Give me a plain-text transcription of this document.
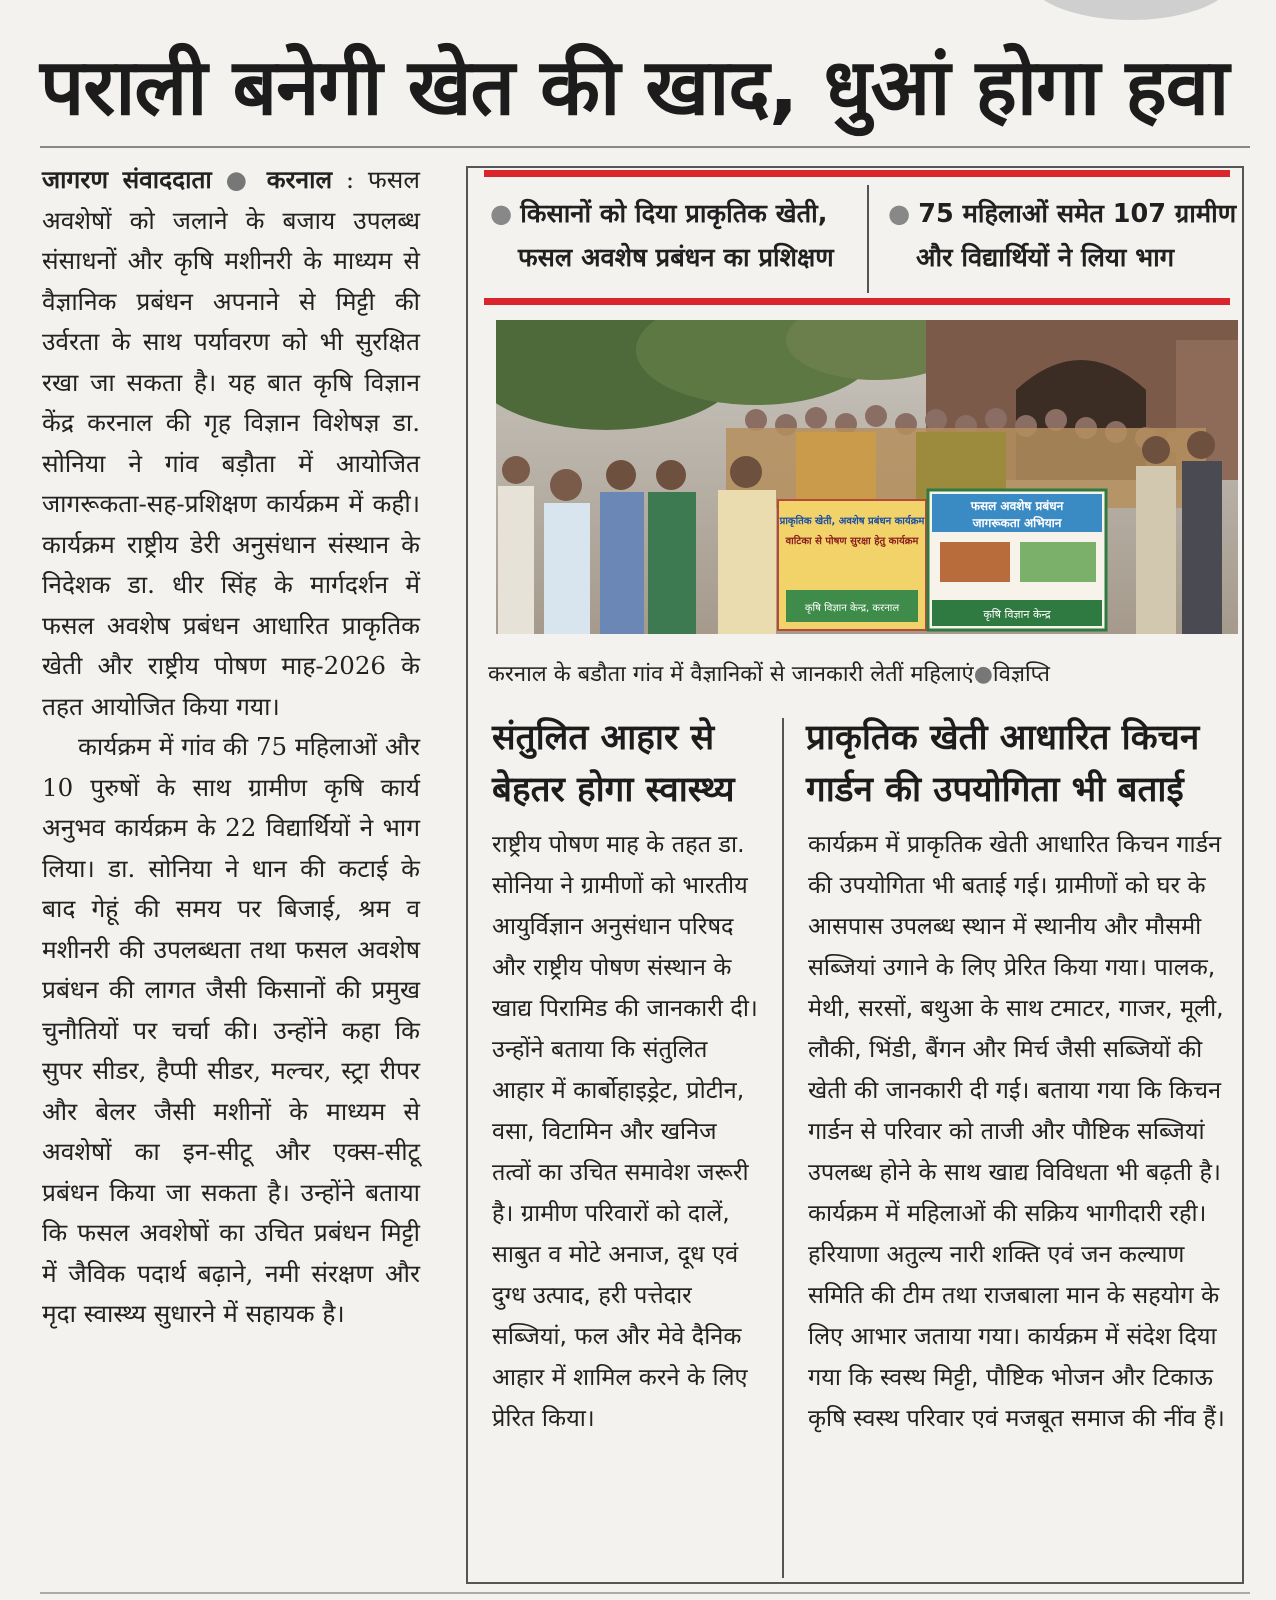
पराली बनेगी खेत की खाद, धुआं होगा हवा

जागरण संवाददाता ● करनाल : फसल अवशेषों को जलाने के बजाय उपलब्ध संसाधनों और कृषि मशीनरी के माध्यम से वैज्ञानिक प्रबंधन अपनाने से मिट्टी की उर्वरता के साथ पर्यावरण को भी सुरक्षित रखा जा सकता है। यह बात कृषि विज्ञान केंद्र करनाल की गृह विज्ञान विशेषज्ञ डा. सोनिया ने गांव बड़ौता में आयोजित जागरूकता-सह-प्रशिक्षण कार्यक्रम में कही। कार्यक्रम राष्ट्रीय डेरी अनुसंधान संस्थान के निदेशक डा. धीर सिंह के मार्गदर्शन में फसल अवशेष प्रबंधन आधारित प्राकृतिक खेती और राष्ट्रीय पोषण माह-2026 के तहत आयोजित किया गया।

कार्यक्रम में गांव की 75 महिलाओं और 10 पुरुषों के साथ ग्रामीण कृषि कार्य अनुभव कार्यक्रम के 22 विद्यार्थियों ने भाग लिया। डा. सोनिया ने धान की कटाई के बाद गेहूं की समय पर बिजाई, श्रम व मशीनरी की उपलब्धता तथा फसल अवशेष प्रबंधन की लागत जैसी किसानों की प्रमुख चुनौतियों पर चर्चा की। उन्होंने कहा कि सुपर सीडर, हैप्पी सीडर, मल्चर, स्ट्रा रीपर और बेलर जैसी मशीनों के माध्यम से अवशेषों का इन-सीटू और एक्स-सीटू प्रबंधन किया जा सकता है। उन्होंने बताया कि फसल अवशेषों का उचित प्रबंधन मिट्टी में जैविक पदार्थ बढ़ाने, नमी संरक्षण और मृदा स्वास्थ्य सुधारने में सहायक है।

● किसानों को दिया प्राकृतिक खेती,
फसल अवशेष प्रबंधन का प्रशिक्षण
● 75 महिलाओं समेत 107 ग्रामीण
और विद्यार्थियों ने लिया भाग
प्राकृतिक खेती, अवशेष प्रबंधन कार्यक्रम
वाटिका से पोषण सुरक्षा हेतु कार्यक्रम
कृषि विज्ञान केन्द्र, करनाल
फसल अवशेष प्रबंधन
जागरूकता अभियान
कृषि विज्ञान केन्द्र
करनाल के बडौता गांव में वैज्ञानिकों से जानकारी लेतीं महिलाएं●विज्ञप्ति
संतुलित आहार से
बेहतर होगा स्वास्थ्य
प्राकृतिक खेती आधारित किचन
गार्डन की उपयोगिता भी बताई

राष्ट्रीय पोषण माह के तहत डा. सोनिया ने ग्रामीणों को भारतीय आयुर्विज्ञान अनुसंधान परिषद और राष्ट्रीय पोषण संस्थान के खाद्य पिरामिड की जानकारी दी। उन्होंने बताया कि संतुलित आहार में कार्बोहाइड्रेट, प्रोटीन, वसा, विटामिन और खनिज तत्वों का उचित समावेश जरूरी है। ग्रामीण परिवारों को दालें, साबुत व मोटे अनाज, दूध एवं दुग्ध उत्पाद, हरी पत्तेदार सब्जियां, फल और मेवे दैनिक आहार में शामिल करने के लिए प्रेरित किया।

कार्यक्रम में प्राकृतिक खेती आधारित किचन गार्डन की उपयोगिता भी बताई गई। ग्रामीणों को घर के आसपास उपलब्ध स्थान में स्थानीय और मौसमी सब्जियां उगाने के लिए प्रेरित किया गया। पालक, मेथी, सरसों, बथुआ के साथ टमाटर, गाजर, मूली, लौकी, भिंडी, बैंगन और मिर्च जैसी सब्जियों की खेती की जानकारी दी गई। बताया गया कि किचन गार्डन से परिवार को ताजी और पौष्टिक सब्जियां उपलब्ध होने के साथ खाद्य विविधता भी बढ़ती है। कार्यक्रम में महिलाओं की सक्रिय भागीदारी रही। हरियाणा अतुल्य नारी शक्ति एवं जन कल्याण समिति की टीम तथा राजबाला मान के सहयोग के लिए आभार जताया गया। कार्यक्रम में संदेश दिया गया कि स्वस्थ मिट्टी, पौष्टिक भोजन और टिकाऊ कृषि स्वस्थ परिवार एवं मजबूत समाज की नींव हैं।
